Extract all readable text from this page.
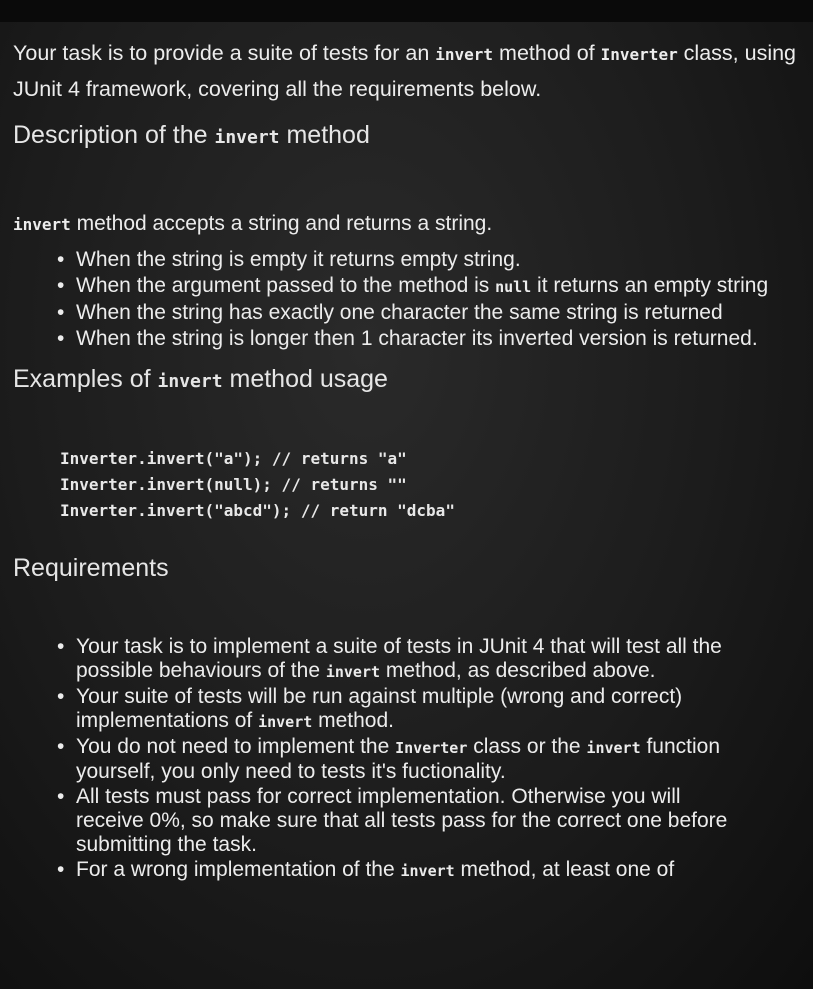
Your task is to provide a suite of tests for an invert method of Inverter class, using JUnit 4 framework, covering all the requirements below.

Description of the invert method
invert method accepts a string and returns a string.
• When the string is empty it returns empty string.
• When the argument passed to the method is null it returns an empty string
• When the string has exactly one character the same string is returned
• When the string is longer then 1 character its inverted version is returned.
Examples of invert method usage
Inverter.invert("a"); // returns "a"
Inverter.invert(null); // returns ""
Inverter.invert("abcd"); // return "dcba"
Requirements
• Your task is to implement a suite of tests in JUnit 4 that will test all the possible behaviours of the invert method, as described above.
• Your suite of tests will be run against multiple (wrong and correct) implementations of invert method.
• You do not need to implement the Inverter class or the invert function yourself, you only need to tests it's fuctionality.
• All tests must pass for correct implementation. Otherwise you will receive 0%, so make sure that all tests pass for the correct one before submitting the task.
• For a wrong implementation of the invert method, at least one of
